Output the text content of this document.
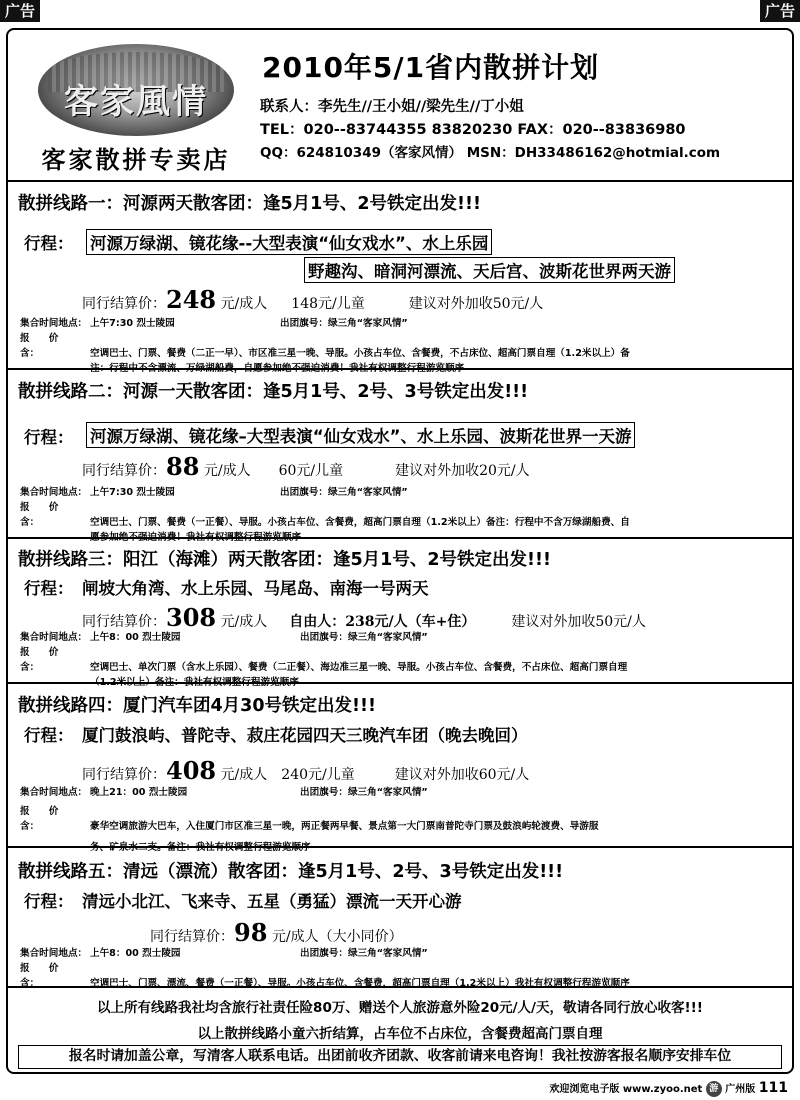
广告	广告
客家風情
客家散拼专卖店
2010年5/1省内散拼计划
联系人：李先生//王小姐//梁先生//丁小姐
TEL：020--83744355 83820230 FAX：020--83836980
QQ：624810349（客家风情） MSN：DH33486162@hotmial.com
散拼线路一：河源两天散客团：逢5月1号、2号铁定出发!!!
行程： 河源万绿湖、镜花缘--大型表演“仙女戏水”、水上乐园
野趣沟、暗洞河漂流、天后宫、波斯花世界两天游
同行结算价：248 元/成人 148元/儿童	建议对外加收50元/人
集合时间地点： 上午7:30 烈士陵园	出团旗号：绿三角“客家风情”
报　　价　　含：	空调巴士、门票、餐费（二正一早）、市区准三星一晚、导服。小孩占车位、含餐费，不占床位、超高门票自理（1.2米以上）备
注：行程中不含漂流、万绿湖船费，自愿参加绝不强迫消费！我社有权调整行程游览顺序
散拼线路二：河源一天散客团：逢5月1号、2号、3号铁定出发!!!
行程： 河源万绿湖、镜花缘–大型表演“仙女戏水”、水上乐园、波斯花世界一天游
同行结算价：88 元/成人 60元/儿童	建议对外加收20元/人
集合时间地点： 上午7:30 烈士陵园	出团旗号：绿三角“客家风情”
报　　价　　含：	空调巴士、门票、餐费（一正餐）、导服。小孩占车位、含餐费，超高门票自理（1.2米以上）备注：行程中不含万绿湖船费、自
愿参加绝不强迫消费！我社有权调整行程游览顺序
散拼线路三：阳江（海滩）两天散客团：逢5月1号、2号铁定出发!!!
行程： 闸坡大角湾、水上乐园、马尾岛、南海一号两天
同行结算价：308 元/成人 自由人：238元/人（车+住）	建议对外加收50元/人
集合时间地点： 上午8：00 烈士陵园	出团旗号：绿三角“客家风情”
报　　价　　含：	空调巴士、单次门票（含水上乐园）、餐费（二正餐）、海边准三星一晚、导服。小孩占车位、含餐费，不占床位、超高门票自理
（1.2米以上）备注：我社有权调整行程游览顺序
散拼线路四：厦门汽车团4月30号铁定出发!!!
行程： 厦门鼓浪屿、普陀寺、菽庄花园四天三晚汽车团（晚去晚回）
同行结算价：408 元/成人 240元/儿童	建议对外加收60元/人
集合时间地点： 晚上21：00 烈士陵园	出团旗号：绿三角“客家风情”
报　　价　　含：	豪华空调旅游大巴车，入住厦门市区准三星一晚，两正餐两早餐、景点第一大门票南普陀寺门票及鼓浪屿轮渡费、导游服
务、矿泉水二支。备注：我社有权调整行程游览顺序
散拼线路五：清远（漂流）散客团：逢5月1号、2号、3号铁定出发!!!
行程： 清远小北江、飞来寺、五星（勇猛）漂流一天开心游
同行结算价：98 元/成人（大小同价）
集合时间地点： 上午8：00 烈士陵园	出团旗号：绿三角“客家风情”
报　　价　　含：	空调巴士、门票、漂流、餐费（一正餐）、导服。小孩占车位、含餐费，超高门票自理（1.2米以上）我社有权调整行程游览顺序
以上所有线路我社均含旅行社责任险80万、赠送个人旅游意外险20元/人/天，敬请各同行放心收客!!!
以上散拼线路小童六折结算，占车位不占床位，含餐费超高门票自理
报名时请加盖公章，写清客人联系电话。出团前收齐团款、收客前请来电咨询！我社按游客报名顺序安排车位
欢迎浏览电子版 www.zyoo.net 游 广州版 111
